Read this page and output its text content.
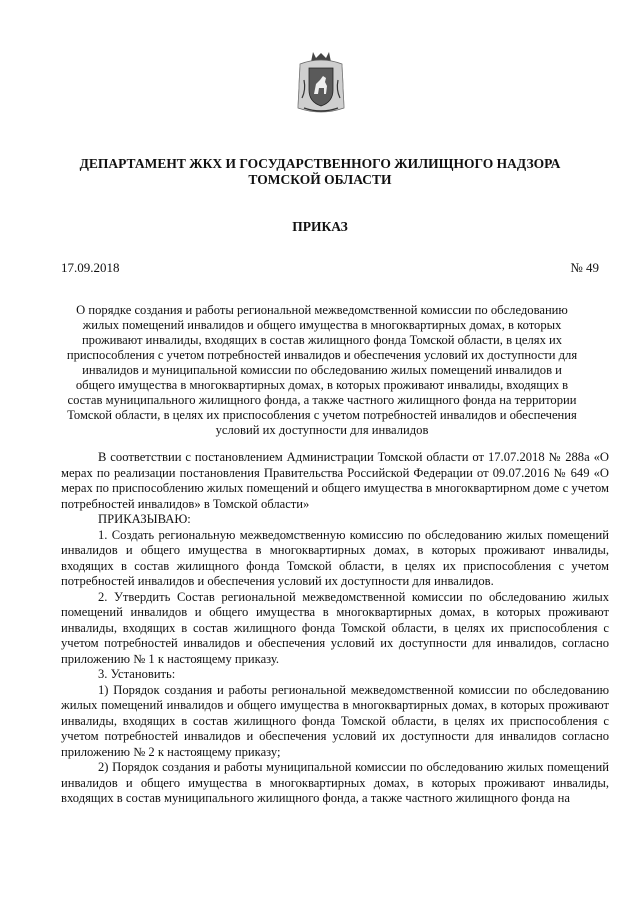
ДЕПАРТАМЕНТ ЖКХ И ГОСУДАРСТВЕННОГО ЖИЛИЩНОГО НАДЗОРА ТОМСКОЙ ОБЛАСТИ
ПРИКАЗ
17.09.2018	№ 49
О порядке создания и работы региональной межведомственной комиссии по обследованию жилых помещений инвалидов и общего имущества в многоквартирных домах, в которых проживают инвалиды, входящих в состав жилищного фонда Томской области, в целях их приспособления с учетом потребностей инвалидов и обеспечения условий их доступности для инвалидов и муниципальной комиссии по обследованию жилых помещений инвалидов и общего имущества в многоквартирных домах, в которых проживают инвалиды, входящих в состав муниципального жилищного фонда, а также частного жилищного фонда на территории Томской области, в целях их приспособления с учетом потребностей инвалидов и обеспечения условий их доступности для инвалидов

В соответствии с постановлением Администрации Томской области от 17.07.2018 № 288а «О мерах по реализации постановления Правительства Российской Федерации от 09.07.2016 № 649 «О мерах по приспособлению жилых помещений и общего имущества в многоквартирном доме с учетом потребностей инвалидов» в Томской области»

ПРИКАЗЫВАЮ:

1. Создать региональную межведомственную комиссию по обследованию жилых помещений инвалидов и общего имущества в многоквартирных домах, в которых проживают инвалиды, входящих в состав жилищного фонда Томской области, в целях их приспособления с учетом потребностей инвалидов и обеспечения условий их доступности для инвалидов.

2. Утвердить Состав региональной межведомственной комиссии по обследованию жилых помещений инвалидов и общего имущества в многоквартирных домах, в которых проживают инвалиды, входящих в состав жилищного фонда Томской области, в целях их приспособления с учетом потребностей инвалидов и обеспечения условий их доступности для инвалидов, согласно приложению № 1 к настоящему приказу.

3. Установить:

1) Порядок создания и работы региональной межведомственной комиссии по обследованию жилых помещений инвалидов и общего имущества в многоквартирных домах, в которых проживают инвалиды, входящих в состав жилищного фонда Томской области, в целях их приспособления с учетом потребностей инвалидов и обеспечения условий их доступности для инвалидов согласно приложению № 2 к настоящему приказу;

2) Порядок создания и работы муниципальной комиссии по обследованию жилых помещений инвалидов и общего имущества в многоквартирных домах, в которых проживают инвалиды, входящих в состав муниципального жилищного фонда, а также частного жилищного фонда на
